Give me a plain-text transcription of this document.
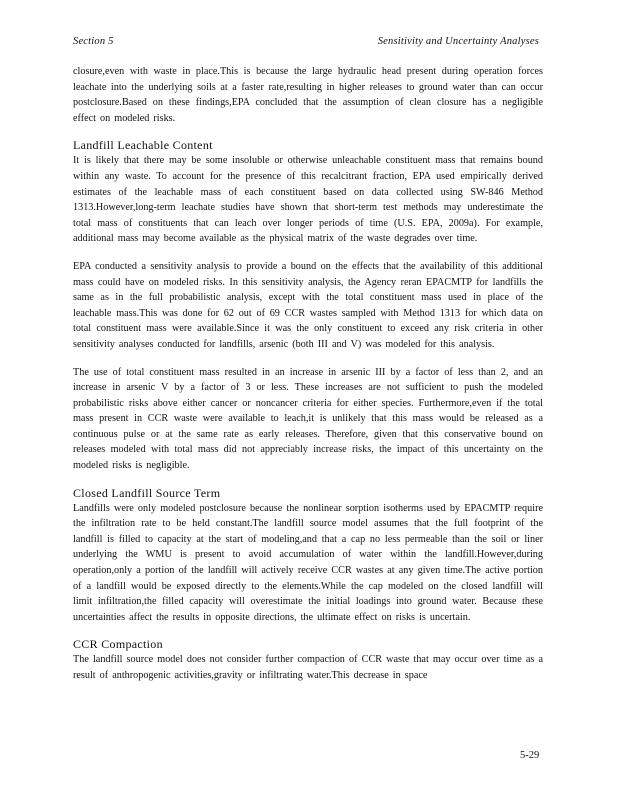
Section 5	Sensitivity and Uncertainty Analyses

closure,even with waste in place.This is because the large hydraulic head present during operation forces leachate into the underlying soils at a faster rate,resulting in higher releases to ground water than can occur postclosure.Based on these findings,EPA concluded that the assumption of clean closure has a negligible effect on modeled risks.

Landfill Leachable Content

It is likely that there may be some insoluble or otherwise unleachable constituent mass that remains bound within any waste. To account for the presence of this recalcitrant fraction, EPA used empirically derived estimates of the leachable mass of each constituent based on data collected using SW-846 Method 1313.However,long-term leachate studies have shown that short-term test methods may underestimate the total mass of constituents that can leach over longer periods of time (U.S. EPA, 2009a). For example, additional mass may become available as the physical matrix of the waste degrades over time.

EPA conducted a sensitivity analysis to provide a bound on the effects that the availability of this additional mass could have on modeled risks. In this sensitivity analysis, the Agency reran EPACMTP for landfills the same as in the full probabilistic analysis, except with the total constituent mass used in place of the leachable mass.This was done for 62 out of 69 CCR wastes sampled with Method 1313 for which data on total constituent mass were available.Since it was the only constituent to exceed any risk criteria in other sensitivity analyses conducted for landfills, arsenic (both III and V) was modeled for this analysis.

The use of total constituent mass resulted in an increase in arsenic III by a factor of less than 2, and an increase in arsenic V by a factor of 3 or less. These increases are not sufficient to push the modeled probabilistic risks above either cancer or noncancer criteria for either species. Furthermore,even if the total mass present in CCR waste were available to leach,it is unlikely that this mass would be released as a continuous pulse or at the same rate as early releases. Therefore, given that this conservative bound on releases modeled with total mass did not appreciably increase risks, the impact of this uncertainty on the modeled risks is negligible.

Closed Landfill Source Term

Landfills were only modeled postclosure because the nonlinear sorption isotherms used by EPACMTP require the infiltration rate to be held constant.The landfill source model assumes that the full footprint of the landfill is filled to capacity at the start of modeling,and that a cap no less permeable than the soil or liner underlying the WMU is present to avoid accumulation of water within the landfill.However,during operation,only a portion of the landfill will actively receive CCR wastes at any given time.The active portion of a landfill would be exposed directly to the elements.While the cap modeled on the closed landfill will limit infiltration,the filled capacity will overestimate the initial loadings into ground water. Because these uncertainties affect the results in opposite directions, the ultimate effect on risks is uncertain.

CCR Compaction

The landfill source model does not consider further compaction of CCR waste that may occur over time as a result of anthropogenic activities,gravity or infiltrating water.This decrease in space

5-29
